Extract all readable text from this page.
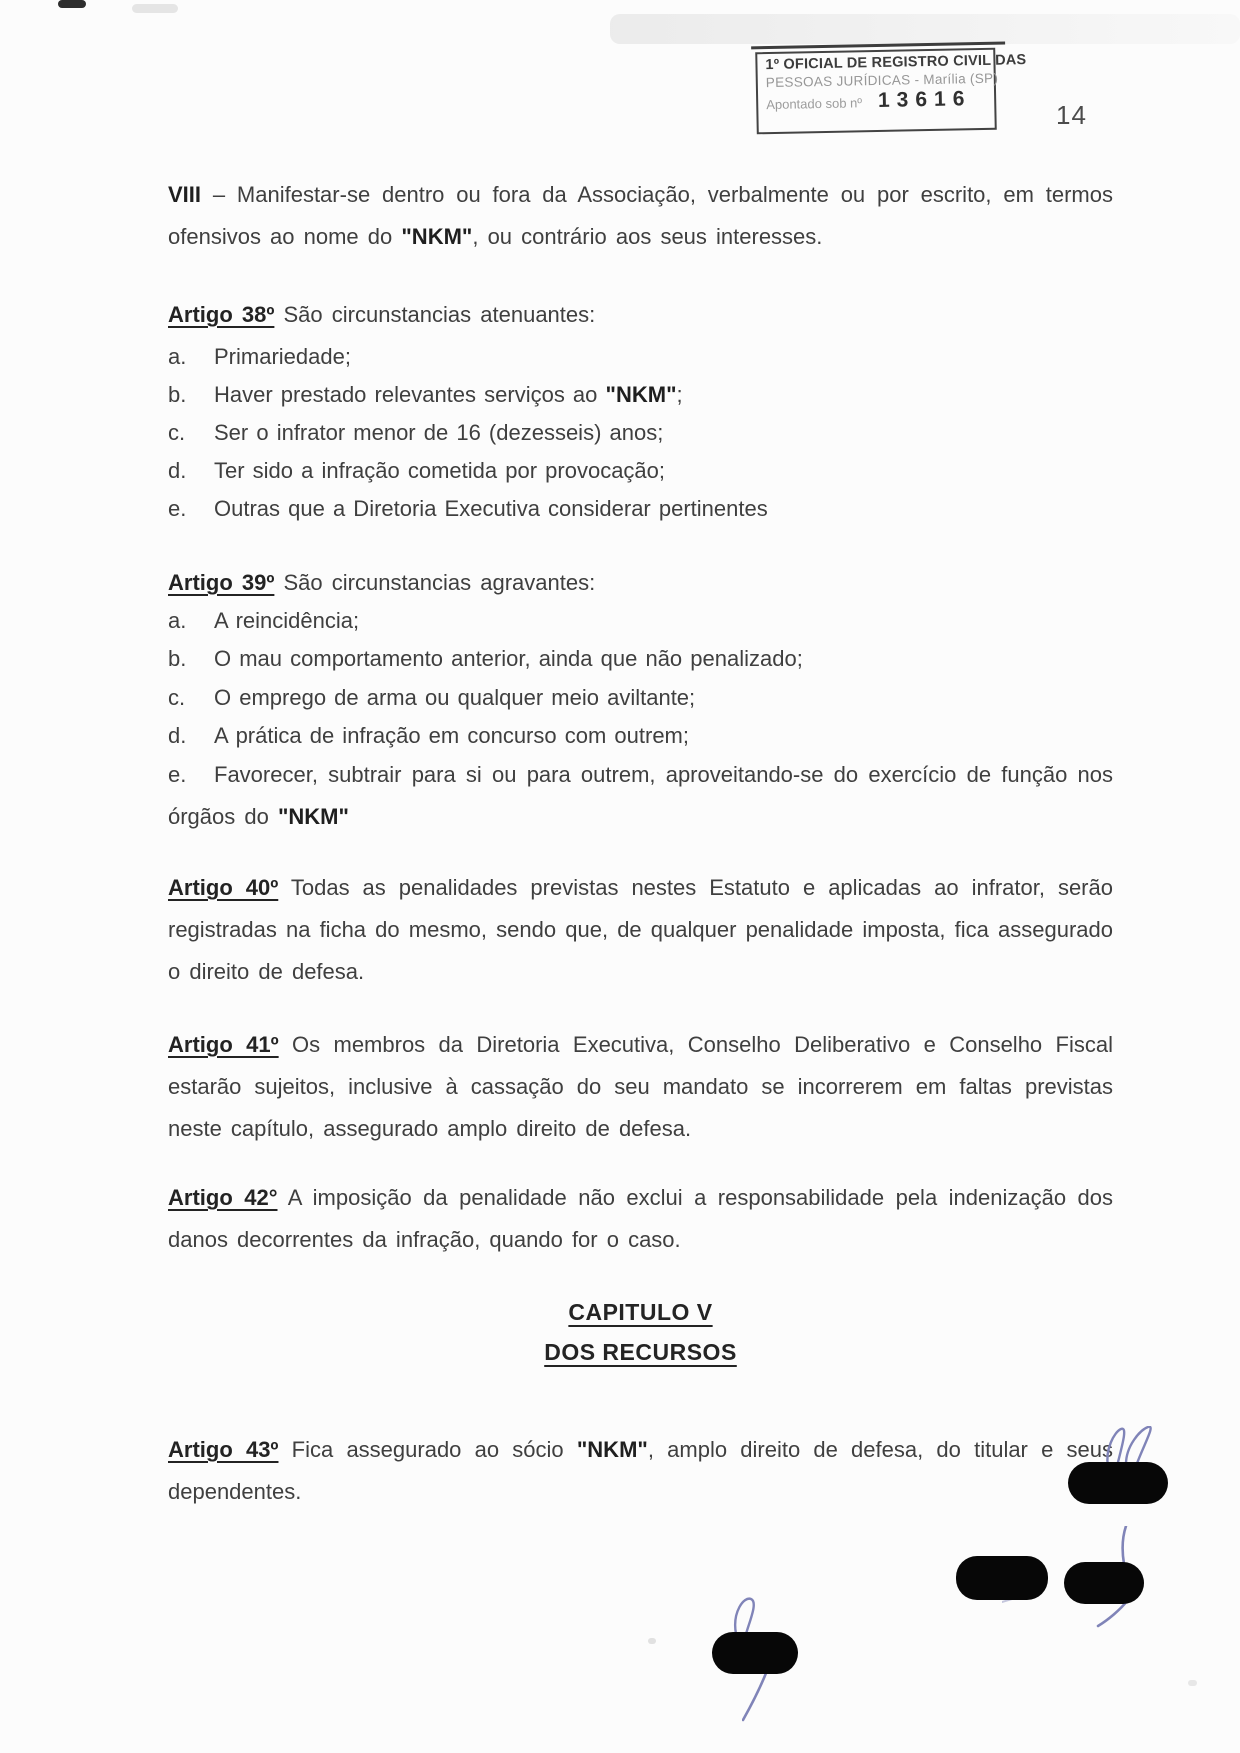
1º OFICIAL DE REGISTRO CIVIL DAS
PESSOAS JURÍDICAS - Marília (SP)
Apontado sob nº 13616
14

VIII – Manifestar-se dentro ou fora da Associação, verbalmente ou por escrito, em termos ofensivos ao nome do "NKM", ou contrário aos seus interesses.

Artigo 38º São circunstancias atenuantes:

a.	Primariedade;
b.	Haver prestado relevantes serviços ao "NKM";
c.	Ser o infrator menor de 16 (dezesseis) anos;
d.	Ter sido a infração cometida por provocação;
e.	Outras que a Diretoria Executiva considerar pertinentes

Artigo 39º São circunstancias agravantes:

a.	A reincidência;
b.	O mau comportamento anterior, ainda que não penalizado;
c.	O emprego de arma ou qualquer meio aviltante;
d.	A prática de infração em concurso com outrem;

e. Favorecer, subtrair para si ou para outrem, aproveitando-se do exercício de função nos órgãos do "NKM"

Artigo 40º Todas as penalidades previstas nestes Estatuto e aplicadas ao infrator, serão registradas na ficha do mesmo, sendo que, de qualquer penalidade imposta, fica assegurado o direito de defesa.

Artigo 41º Os membros da Diretoria Executiva, Conselho Deliberativo e Conselho Fiscal estarão sujeitos, inclusive à cassação do seu mandato se incorrerem em faltas previstas neste capítulo, assegurado amplo direito de defesa.

Artigo 42° A imposição da penalidade não exclui a responsabilidade pela indenização dos danos decorrentes da infração, quando for o caso.

CAPITULO V

DOS RECURSOS

Artigo 43º Fica assegurado ao sócio "NKM", amplo direito de defesa, do titular e seus dependentes.
